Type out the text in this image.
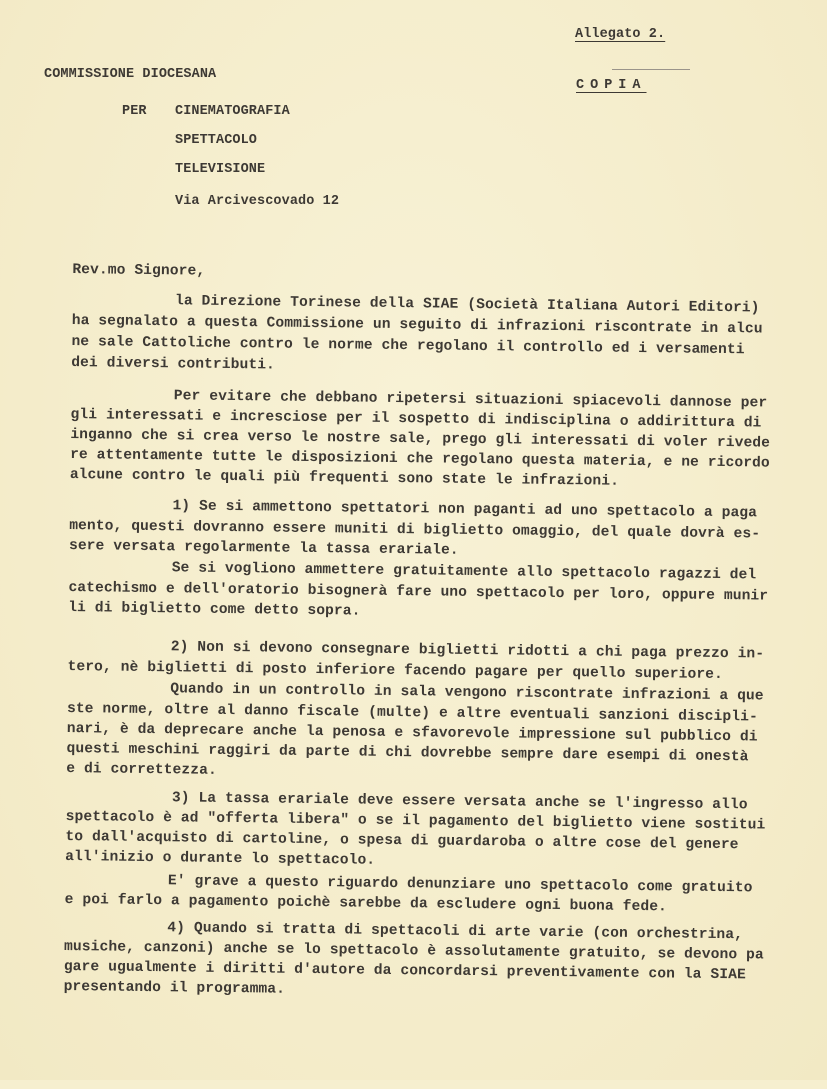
Allegato 2.
COMMISSIONE DIOCESANA
COPIA
PER CINEMATOGRAFIA
SPETTACOLO
TELEVISIONE
Via Arcivescovado 12
Rev.mo Signore,
la Direzione Torinese della SIAE (Società Italiana Autori Editori)
ha segnalato a questa Commissione un seguito di infrazioni riscontrate in alcu
ne sale Cattoliche contro le norme che regolano il controllo ed i versamenti
dei diversi contributi.
Per evitare che debbano ripetersi situazioni spiacevoli dannose per
gli interessati e incresciose per il sospetto di indisciplina o addirittura di
inganno che si crea verso le nostre sale, prego gli interessati di voler rivede
re attentamente tutte le disposizioni che regolano questa materia, e ne ricordo
alcune contro le quali più frequenti sono state le infrazioni.
1) Se si ammettono spettatori non paganti ad uno spettacolo a paga
mento, questi dovranno essere muniti di biglietto omaggio, del quale dovrà es-
sere versata regolarmente la tassa erariale.
Se si vogliono ammettere gratuitamente allo spettacolo ragazzi del
catechismo e dell'oratorio bisognerà fare uno spettacolo per loro, oppure munir
li di biglietto come detto sopra.
2) Non si devono consegnare biglietti ridotti a chi paga prezzo in-
tero, nè biglietti di posto inferiore facendo pagare per quello superiore.
Quando in un controllo in sala vengono riscontrate infrazioni a que
ste norme, oltre al danno fiscale (multe) e altre eventuali sanzioni discipli-
nari, è da deprecare anche la penosa e sfavorevole impressione sul pubblico di
questi meschini raggiri da parte di chi dovrebbe sempre dare esempi di onestà
e di correttezza.
3) La tassa erariale deve essere versata anche se l'ingresso allo
spettacolo è ad "offerta libera" o se il pagamento del biglietto viene sostitui
to dall'acquisto di cartoline, o spesa di guardaroba o altre cose del genere
all'inizio o durante lo spettacolo.
E' grave a questo riguardo denunziare uno spettacolo come gratuito
e poi farlo a pagamento poichè sarebbe da escludere ogni buona fede.
4) Quando si tratta di spettacoli di arte varie (con orchestrina,
musiche, canzoni) anche se lo spettacolo è assolutamente gratuito, se devono pa
gare ugualmente i diritti d'autore da concordarsi preventivamente con la SIAE
presentando il programma.
